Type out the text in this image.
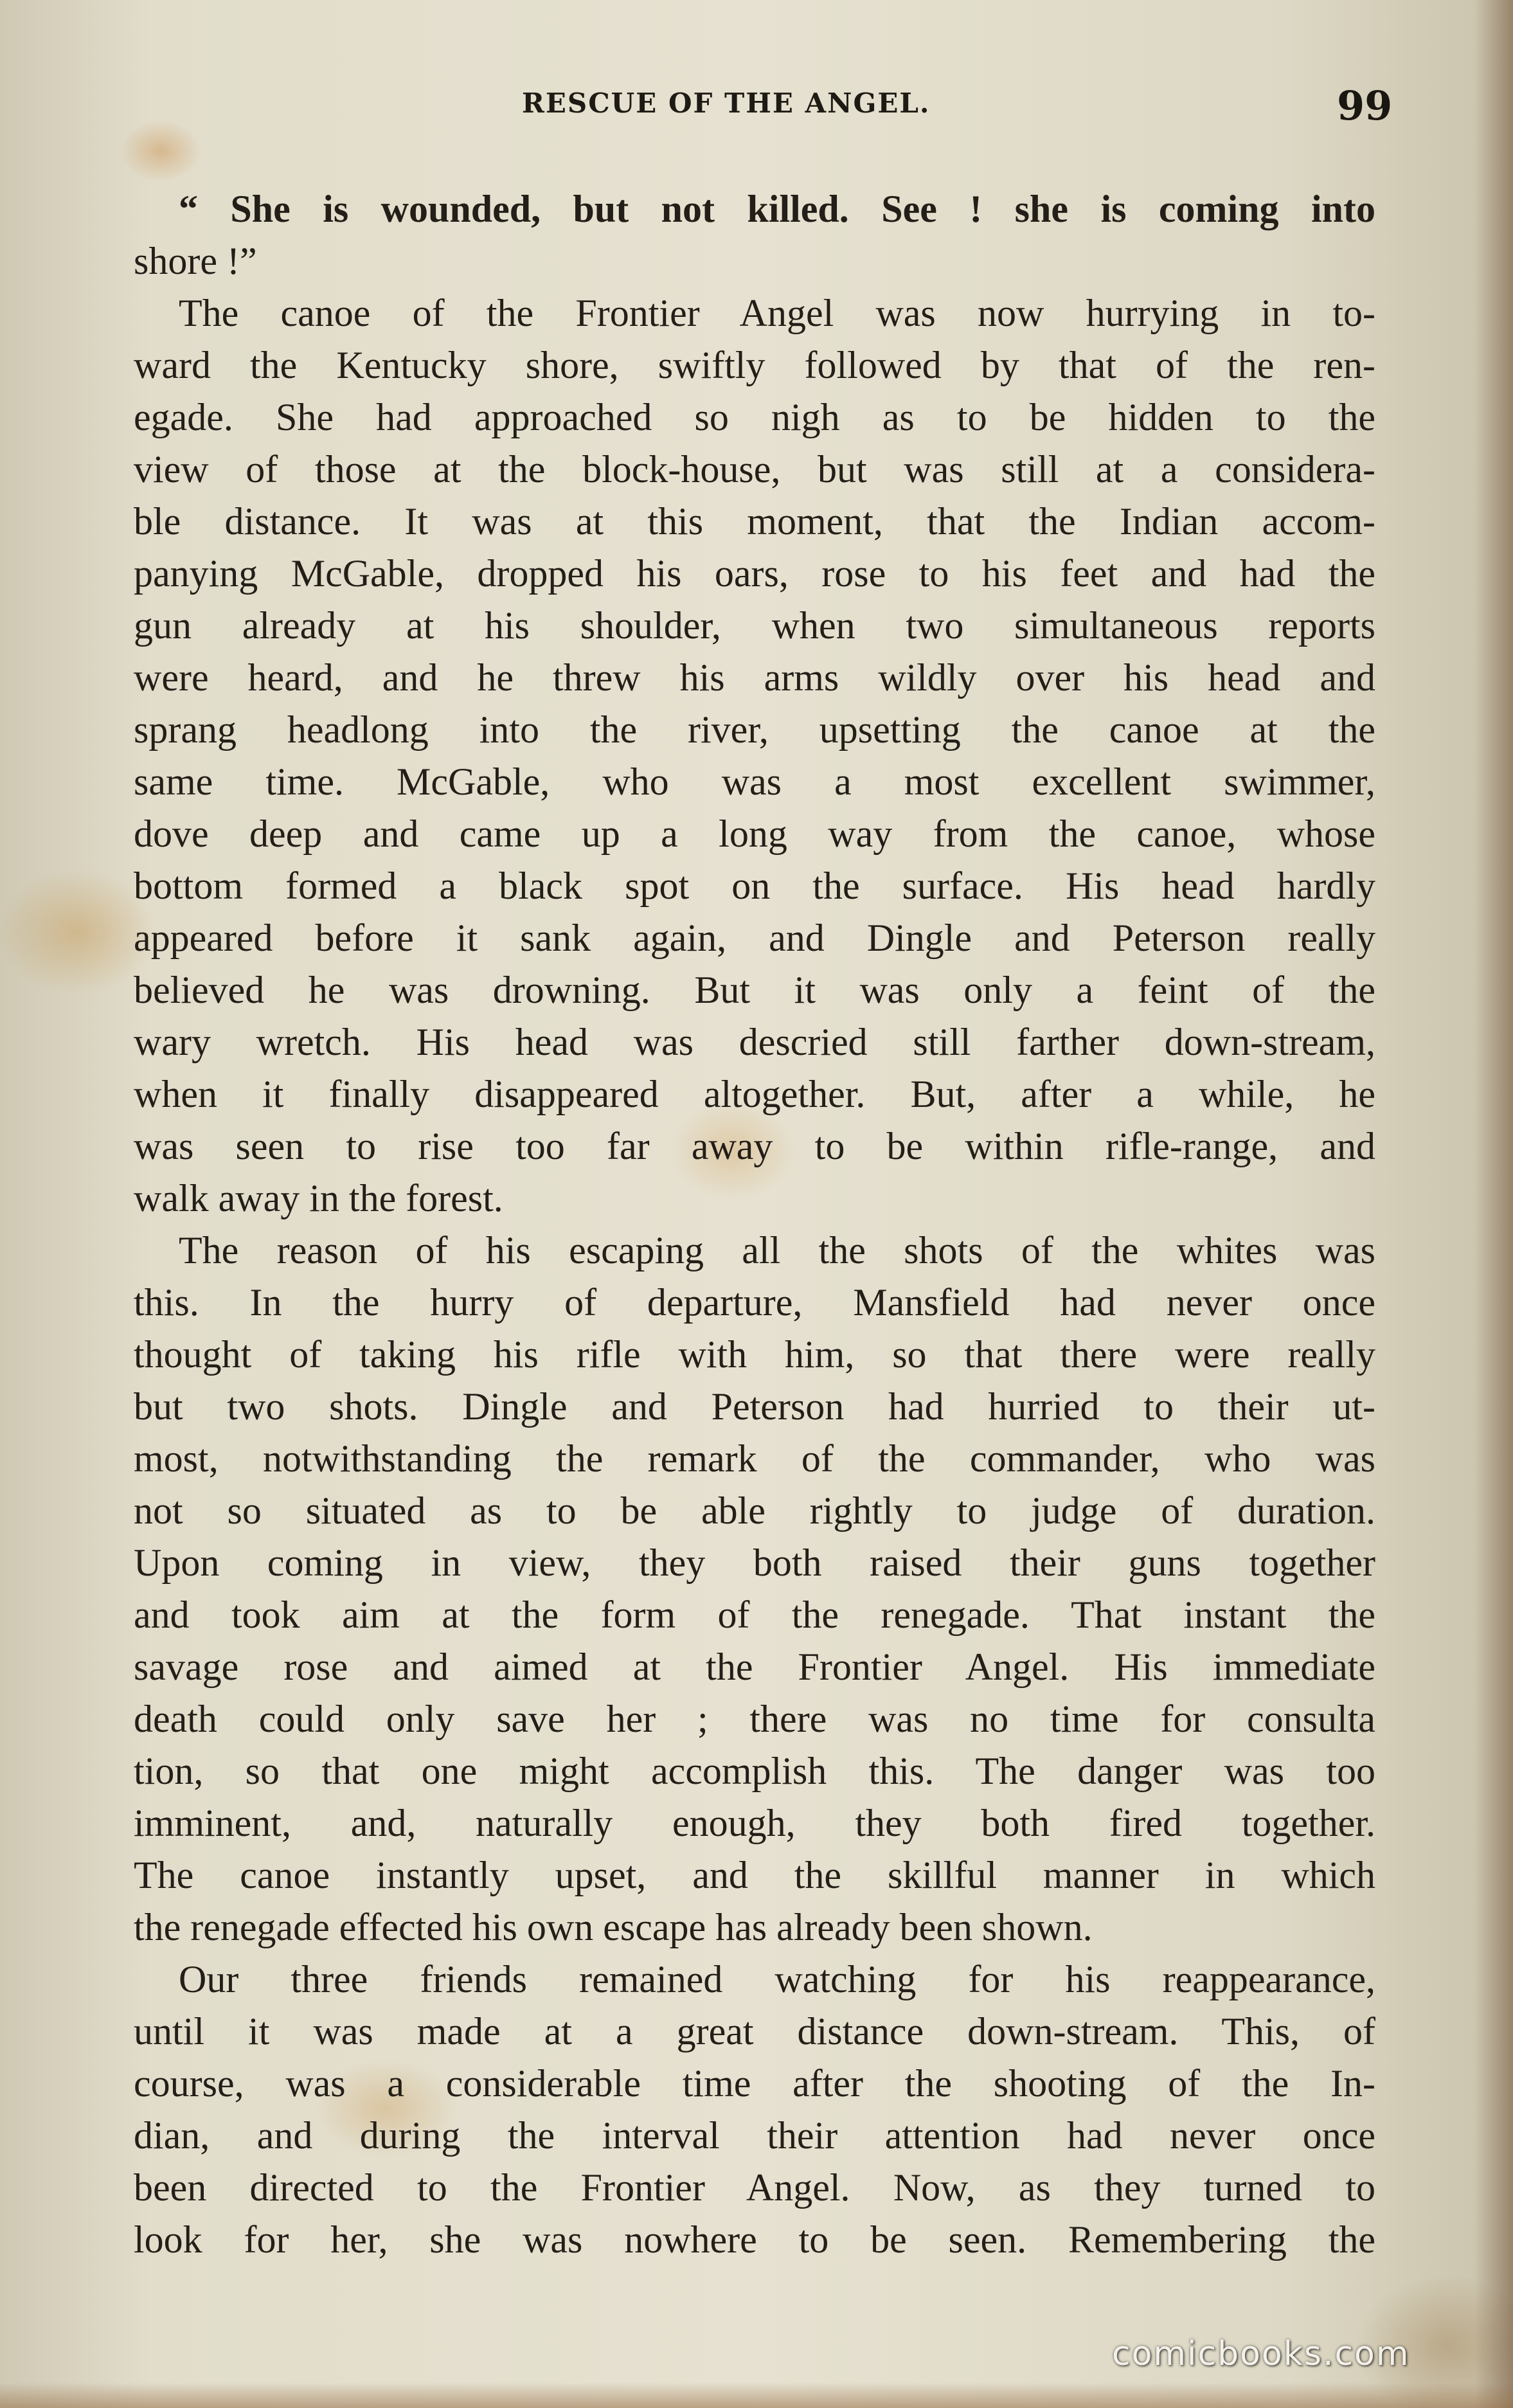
RESCUE OF THE ANGEL.	99
“ She is wounded, but not killed. See ! she is coming into
shore !”
The canoe of the Frontier Angel was now hurrying in to-
ward the Kentucky shore, swiftly followed by that of the ren-
egade. She had approached so nigh as to be hidden to the
view of those at the block-house, but was still at a considera-
ble distance. It was at this moment, that the Indian accom-
panying McGable, dropped his oars, rose to his feet and had the
gun already at his shoulder, when two simultaneous reports
were heard, and he threw his arms wildly over his head and
sprang headlong into the river, upsetting the canoe at the
same time. McGable, who was a most excellent swimmer,
dove deep and came up a long way from the canoe, whose
bottom formed a black spot on the surface. His head hardly
appeared before it sank again, and Dingle and Peterson really
believed he was drowning. But it was only a feint of the
wary wretch. His head was descried still farther down-stream,
when it finally disappeared altogether. But, after a while, he
was seen to rise too far away to be within rifle-range, and
walk away in the forest.
The reason of his escaping all the shots of the whites was
this. In the hurry of departure, Mansfield had never once
thought of taking his rifle with him, so that there were really
but two shots. Dingle and Peterson had hurried to their ut-
most, notwithstanding the remark of the commander, who was
not so situated as to be able rightly to judge of duration.
Upon coming in view, they both raised their guns together
and took aim at the form of the renegade. That instant the
savage rose and aimed at the Frontier Angel. His immediate
death could only save her ; there was no time for consulta
tion, so that one might accomplish this. The danger was too
imminent, and, naturally enough, they both fired together.
The canoe instantly upset, and the skillful manner in which
the renegade effected his own escape has already been shown.
Our three friends remained watching for his reappearance,
until it was made at a great distance down-stream. This, of
course, was a considerable time after the shooting of the In-
dian, and during the interval their attention had never once
been directed to the Frontier Angel. Now, as they turned to
look for her, she was nowhere to be seen. Remembering the
comicbooks.com
